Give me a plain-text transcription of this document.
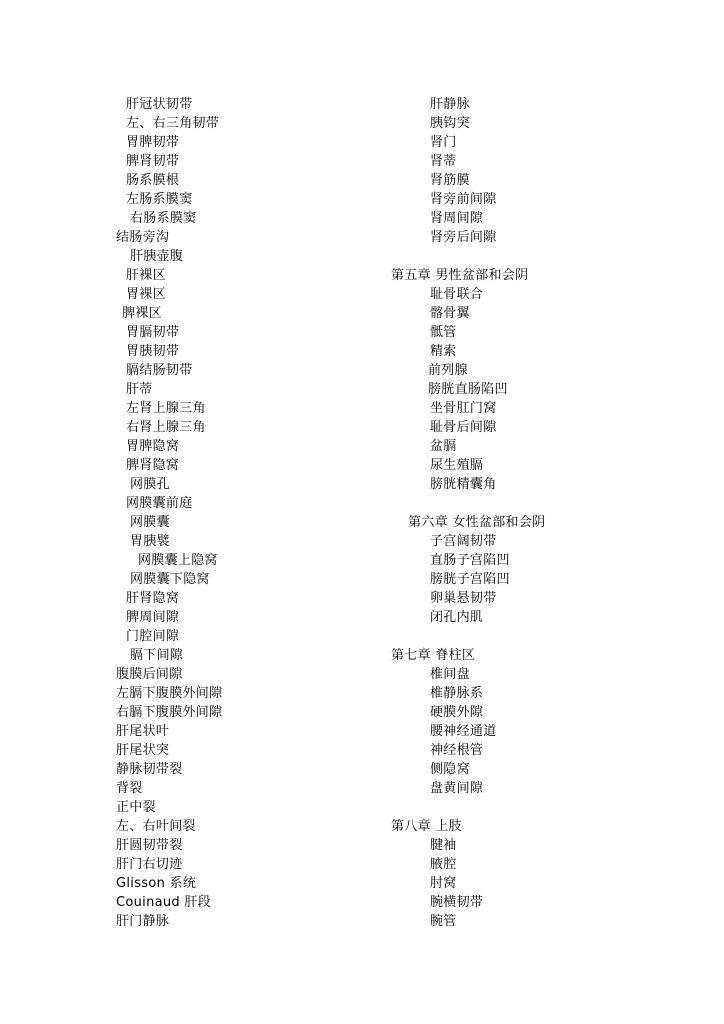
肝冠状韧带
左、右三角韧带
胃脾韧带
脾肾韧带
肠系膜根
左肠系膜窦
右肠系膜窦
结肠旁沟
肝胰壶腹
肝裸区
胃裸区
脾裸区
胃膈韧带
胃胰韧带
膈结肠韧带
肝蒂
左肾上腺三角
右肾上腺三角
胃脾隐窝
脾肾隐窝
网膜孔
网膜囊前庭
网膜囊
胃胰襞
网膜囊上隐窝
网膜囊下隐窝
肝肾隐窝
脾周间隙
门腔间隙
膈下间隙
腹膜后间隙
左膈下腹膜外间隙
右膈下腹膜外间隙
肝尾状叶
肝尾状突
静脉韧带裂
背裂
正中裂
左、右叶间裂
肝圆韧带裂
肝门右切迹
Glisson 系统
Couinaud 肝段
肝门静脉
肝静脉
胰钩突
肾门
肾蒂
肾筋膜
肾旁前间隙
肾周间隙
肾旁后间隙
第五章 男性盆部和会阴
耻骨联合
髂骨翼
骶管
精索
前列腺
膀胱直肠陷凹
坐骨肛门窝
耻骨后间隙
盆膈
尿生殖膈
膀胱精囊角
第六章 女性盆部和会阴
子宫阔韧带
直肠子宫陷凹
膀胱子宫陷凹
卵巢悬韧带
闭孔内肌
第七章 脊柱区
椎间盘
椎静脉系
硬膜外隙
腰神经通道
神经根管
侧隐窝
盘黄间隙
第八章 上肢
腱袖
腋腔
肘窝
腕横韧带
腕管
